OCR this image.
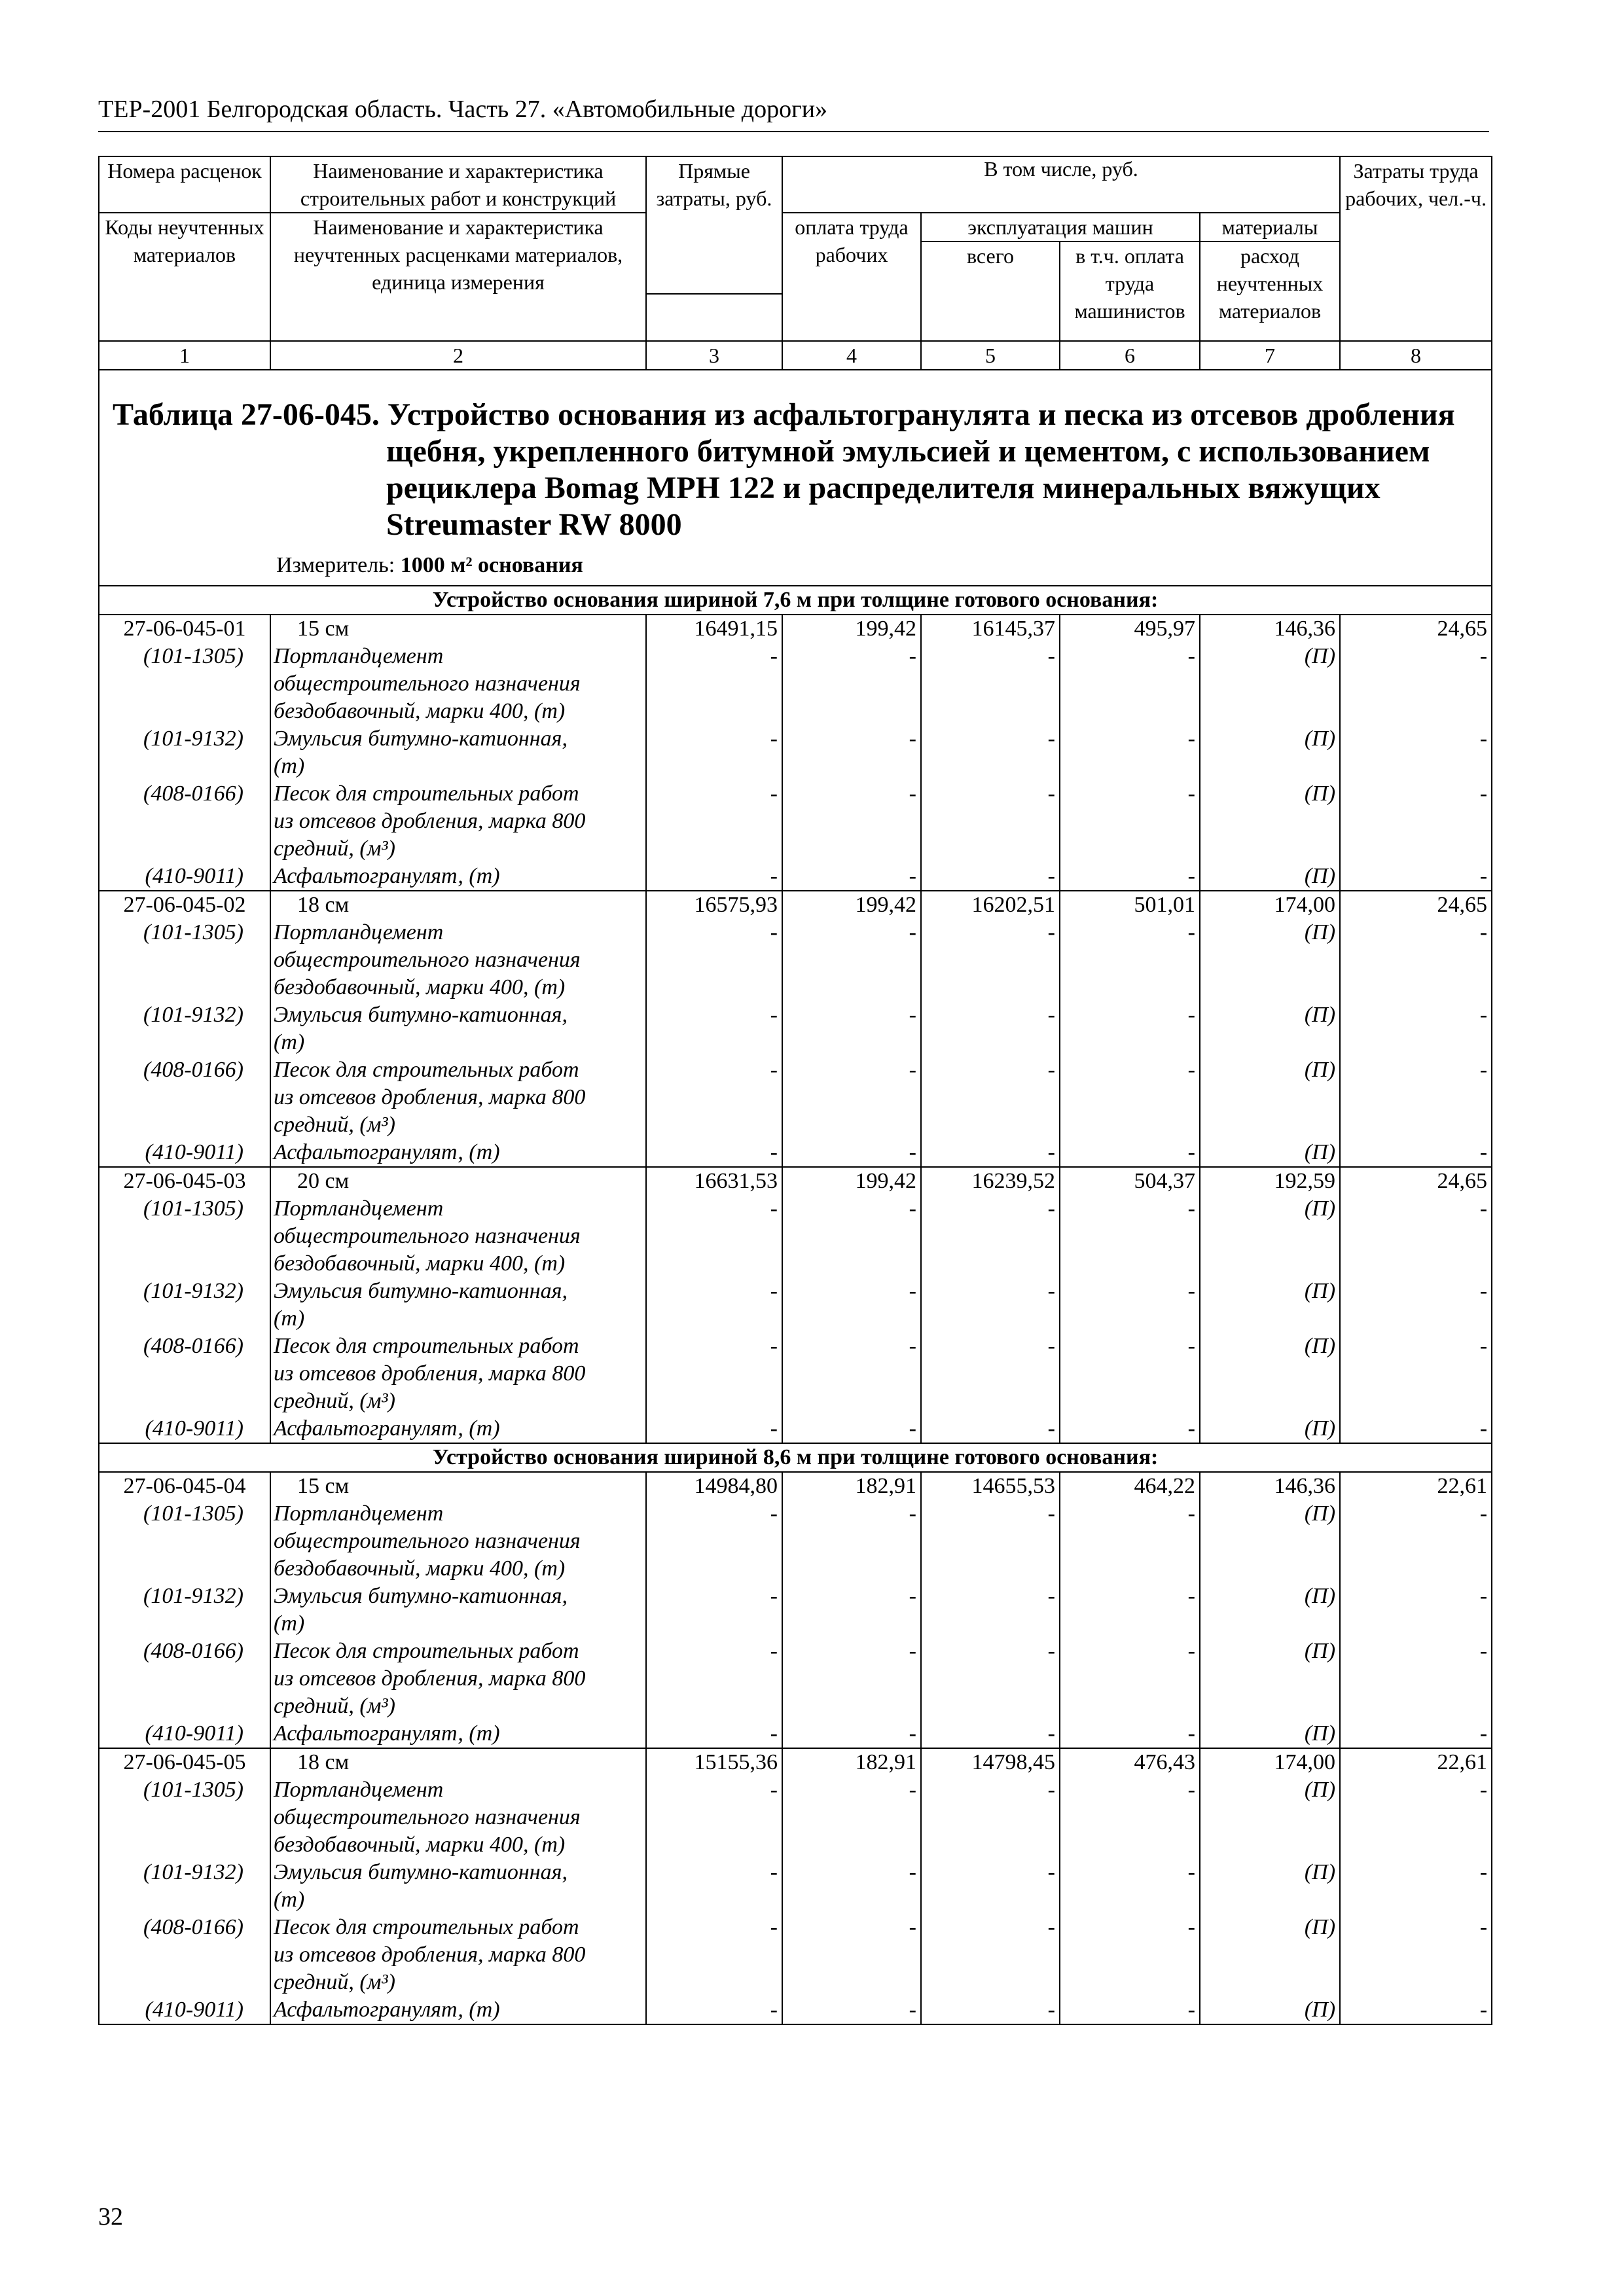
ТЕР-2001 Белгородская область. Часть 27. «Автомобильные дороги»
Номера расценок	Наименование и характеристика строительных работ и конструкций	Прямые затраты, руб.	В том числе, руб.				Затраты труда рабочих, чел.-ч.
Коды неучтенных материалов	Наименование и характеристика неучтенных расценками материалов, единица измерения		оплата труда рабочих	эксплуатация машин		материалы	
				всего	в т.ч. оплата труда машинистов	расход неучтенных материалов	

1	2	3	4	5	6	7	8

Таблица 27-06-045. Устройство основания из асфальтогранулята и песка из отсевов дробления щебня, укрепленного битумной эмульсией и цементом, с использованием рециклера Bomag MPH 122 и распределителя минеральных вяжущих Streumaster RW 8000
Измеритель: 1000 м² основания							

Устройство основания шириной 7,6 м при толщине готового основания:							
27-06-045-01	15 см	16491,15	199,42	16145,37	495,97	146,36	24,65
(101-1305)	Портландцемент	-	-	-	-	(П)	-
	общестроительного назначения						
	бездобавочный, марки 400, (т)						
(101-9132)	Эмульсия битумно-катионная,	-	-	-	-	(П)	-
	(т)						
(408-0166)	Песок для строительных работ	-	-	-	-	(П)	-
	из отсевов дробления, марка 800						
	средний, (м³)						
(410-9011)	Асфальтогранулят, (т)	-	-	-	-	(П)	-
27-06-045-02	18 см	16575,93	199,42	16202,51	501,01	174,00	24,65
(101-1305)	Портландцемент	-	-	-	-	(П)	-
	общестроительного назначения						
	бездобавочный, марки 400, (т)						
(101-9132)	Эмульсия битумно-катионная,	-	-	-	-	(П)	-
	(т)						
(408-0166)	Песок для строительных работ	-	-	-	-	(П)	-
	из отсевов дробления, марка 800						
	средний, (м³)						
(410-9011)	Асфальтогранулят, (т)	-	-	-	-	(П)	-
27-06-045-03	20 см	16631,53	199,42	16239,52	504,37	192,59	24,65
(101-1305)	Портландцемент	-	-	-	-	(П)	-
	общестроительного назначения						
	бездобавочный, марки 400, (т)						
(101-9132)	Эмульсия битумно-катионная,	-	-	-	-	(П)	-
	(т)						
(408-0166)	Песок для строительных работ	-	-	-	-	(П)	-
	из отсевов дробления, марка 800						
	средний, (м³)						
(410-9011)	Асфальтогранулят, (т)	-	-	-	-	(П)	-
Устройство основания шириной 8,6 м при толщине готового основания:							
27-06-045-04	15 см	14984,80	182,91	14655,53	464,22	146,36	22,61
(101-1305)	Портландцемент	-	-	-	-	(П)	-
	общестроительного назначения						
	бездобавочный, марки 400, (т)						
(101-9132)	Эмульсия битумно-катионная,	-	-	-	-	(П)	-
	(т)						
(408-0166)	Песок для строительных работ	-	-	-	-	(П)	-
	из отсевов дробления, марка 800						
	средний, (м³)						
(410-9011)	Асфальтогранулят, (т)	-	-	-	-	(П)	-
27-06-045-05	18 см	15155,36	182,91	14798,45	476,43	174,00	22,61
(101-1305)	Портландцемент	-	-	-	-	(П)	-
	общестроительного назначения						
	бездобавочный, марки 400, (т)						
(101-9132)	Эмульсия битумно-катионная,	-	-	-	-	(П)	-
	(т)						
(408-0166)	Песок для строительных работ	-	-	-	-	(П)	-
	из отсевов дробления, марка 800						
	средний, (м³)						
(410-9011)	Асфальтогранулят, (т)	-	-	-	-	(П)	-
32
